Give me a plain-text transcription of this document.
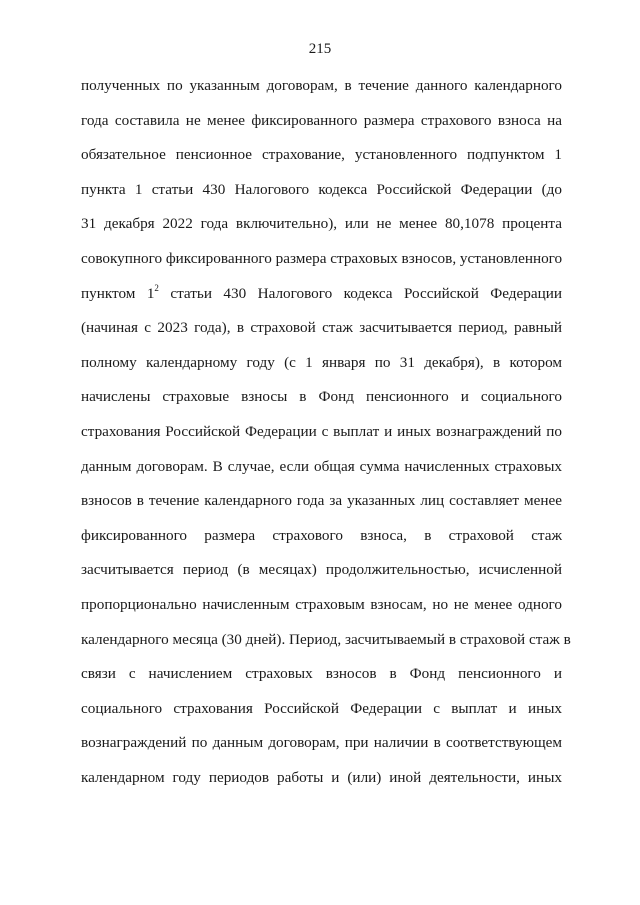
215
полученных по указанным договорам, в течение данного календарного
года составила не менее фиксированного размера страхового взноса на
обязательное пенсионное страхование, установленного подпунктом 1
пункта 1 статьи 430 Налогового кодекса Российской Федерации (до
31 декабря 2022 года включительно), или не менее 80,1078 процента
совокупного фиксированного размера страховых взносов, установленного
пунктом $1^2$ статьи 430 Налогового кодекса Российской Федерации
(начиная с 2023 года), в страховой стаж засчитывается период, равный
полному календарному году (с 1 января по 31 декабря), в котором
начислены страховые взносы в Фонд пенсионного и социального
страхования Российской Федерации с выплат и иных вознаграждений по
данным договорам. В случае, если общая сумма начисленных страховых
взносов в течение календарного года за указанных лиц составляет менее
фиксированного размера страхового взноса, в страховой стаж
засчитывается период (в месяцах) продолжительностью, исчисленной
пропорционально начисленным страховым взносам, но не менее одного
календарного месяца (30 дней). Период, засчитываемый в страховой стаж в
связи с начислением страховых взносов в Фонд пенсионного и
социального страхования Российской Федерации с выплат и иных
вознаграждений по данным договорам, при наличии в соответствующем
календарном году периодов работы и (или) иной деятельности, иных
